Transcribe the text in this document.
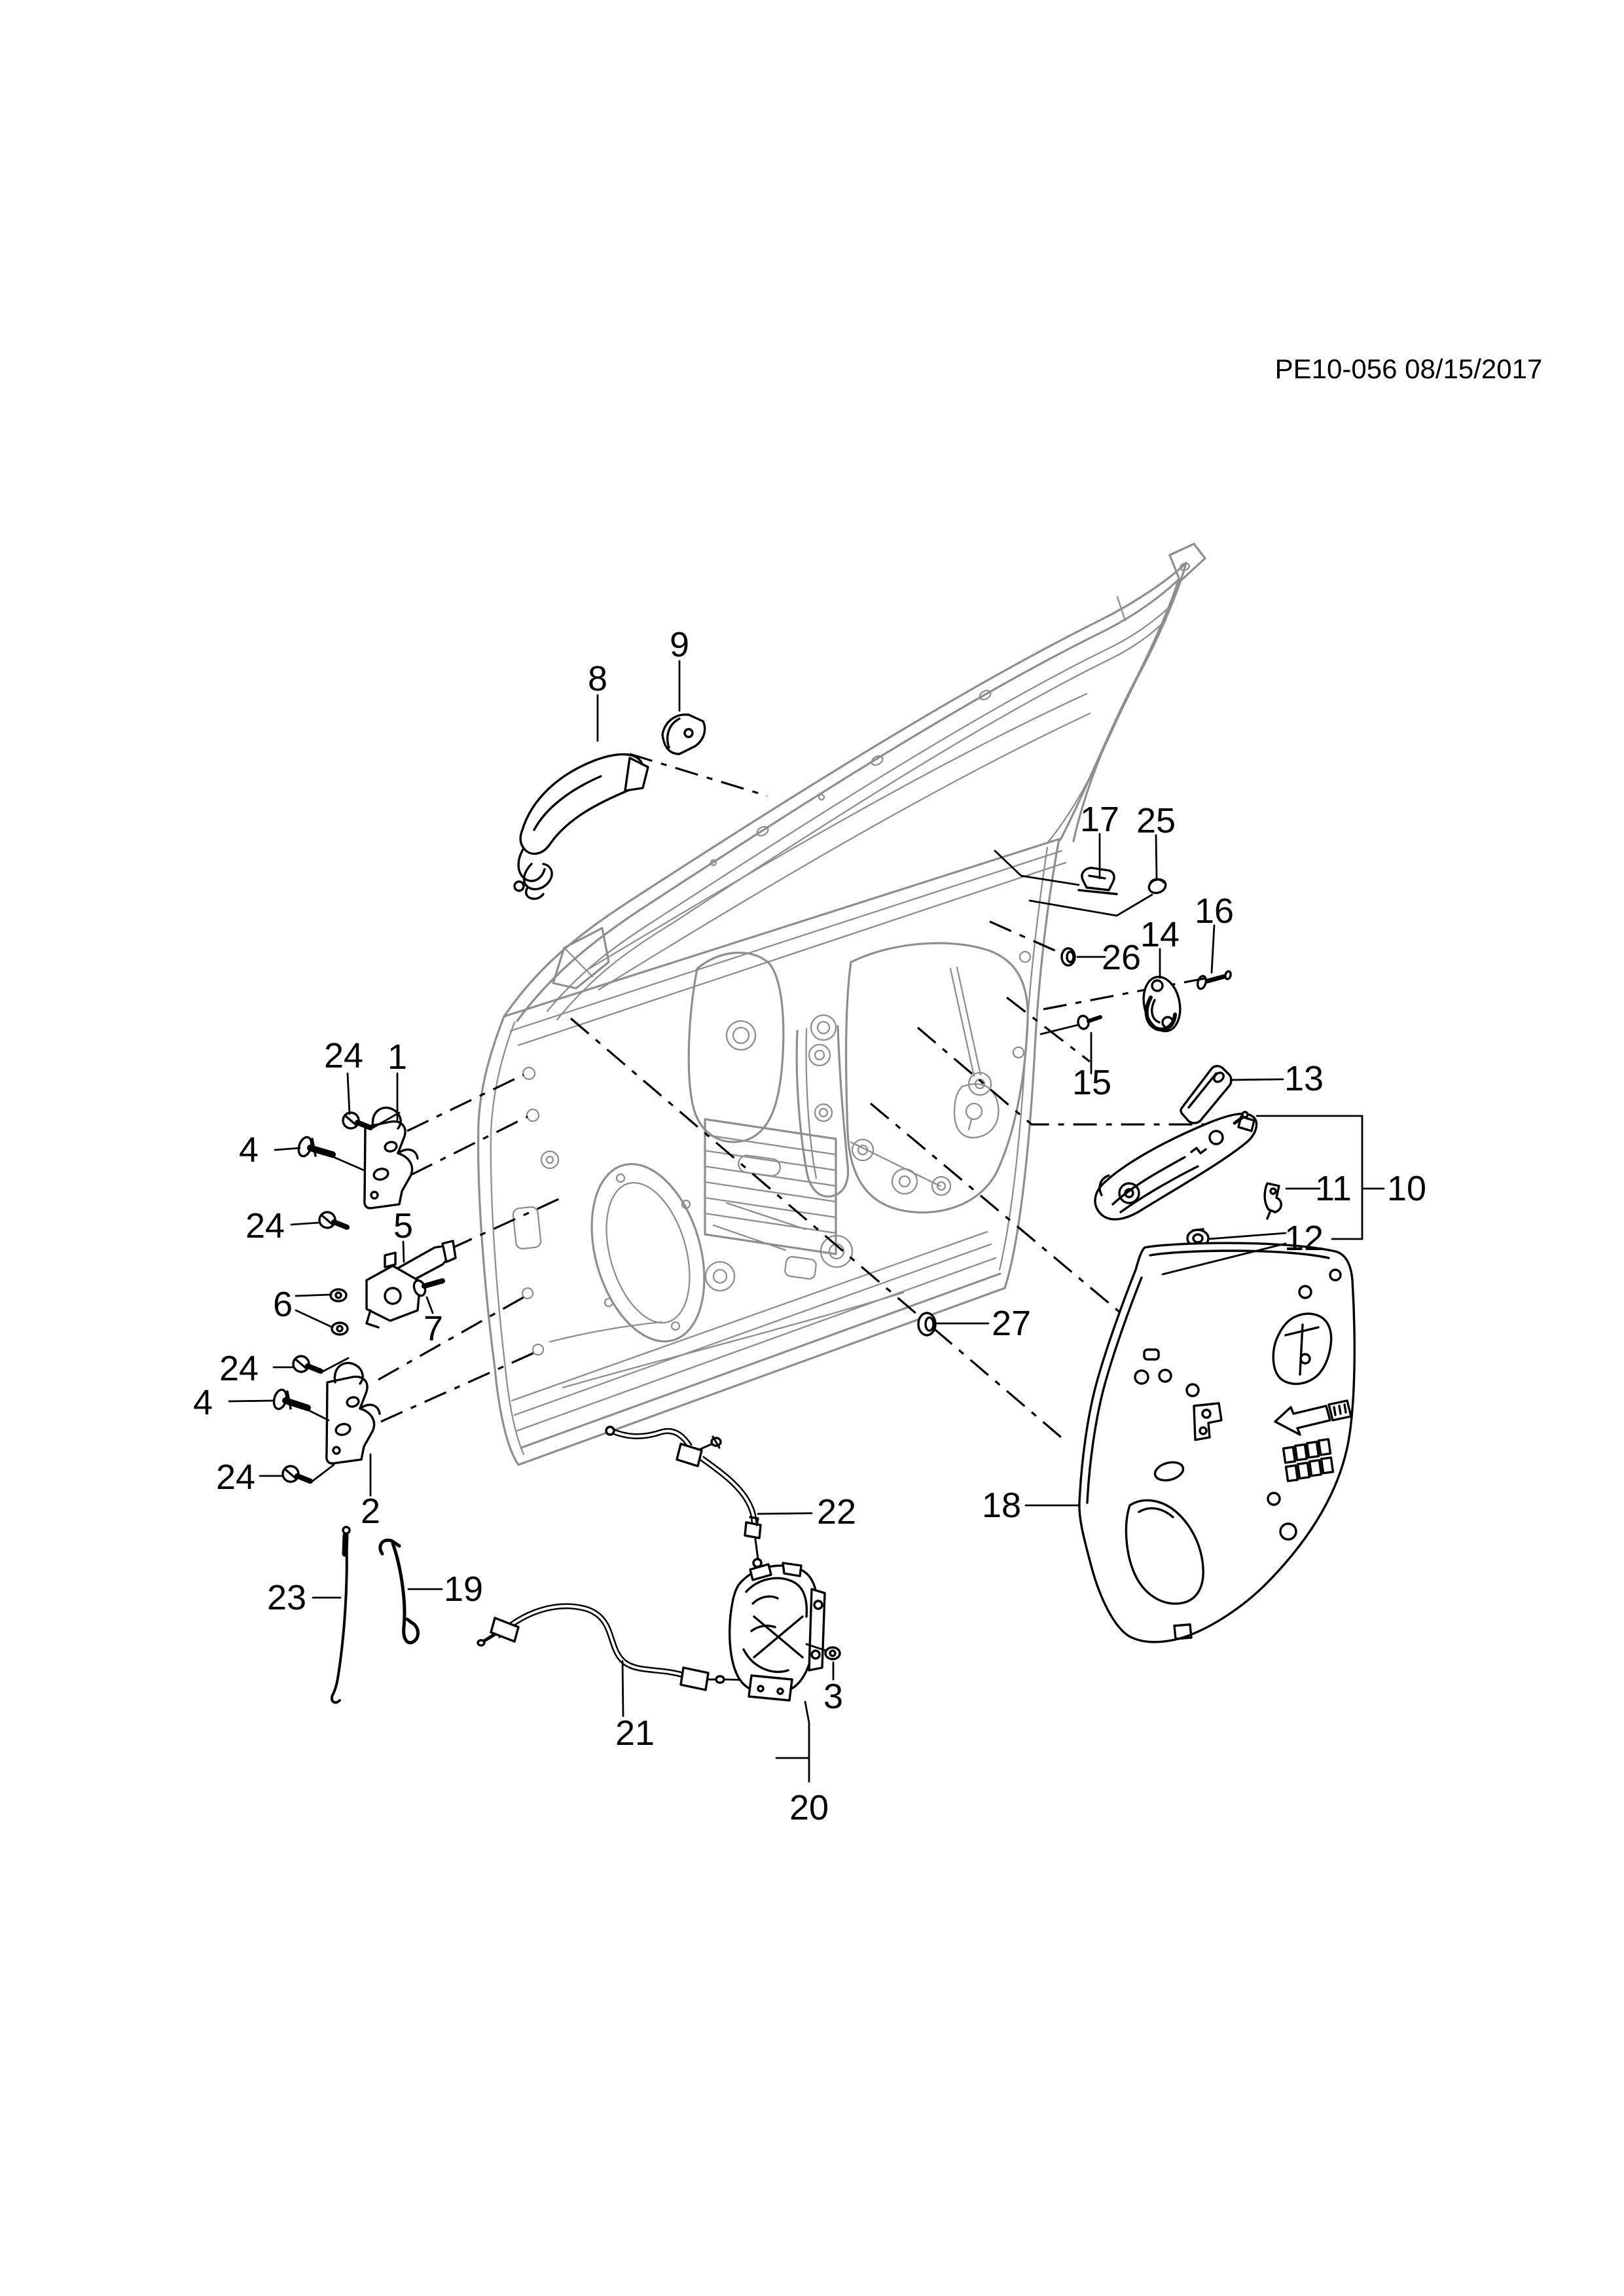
PE10-056 08/15/2017
8
9
17 25
16
14
26
15	13
11 10
12
27
18
24 1
4
24	5
6
7
24
4
24
2
23	19
22
21
3
20
